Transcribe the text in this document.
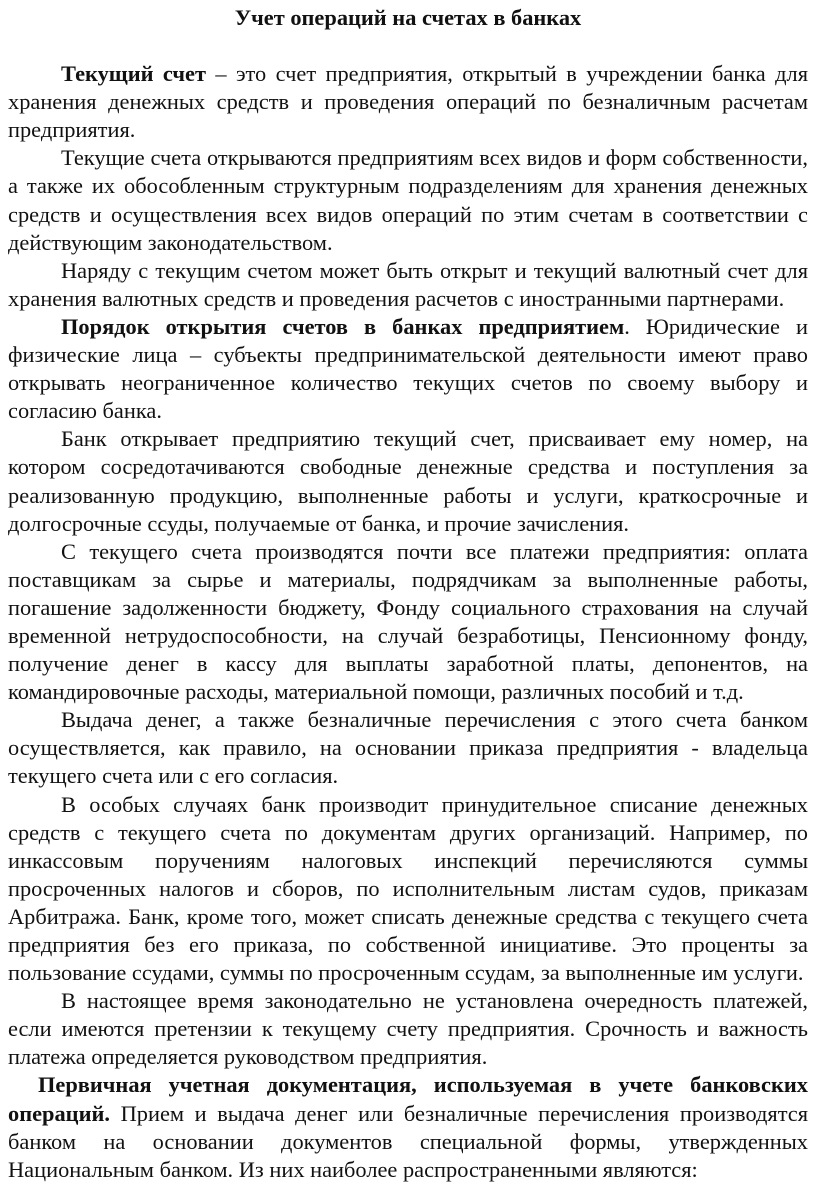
Учет операций на счетах в банках

Текущий счет – это счет предприятия, открытый в учреждении банка для хранения денежных средств и проведения операций по безналичным расчетам предприятия.

Текущие счета открываются предприятиям всех видов и форм собственности, а также их обособленным структурным подразделениям для хранения денежных средств и осуществления всех видов операций по этим счетам в соответствии с действующим законодательством.

Наряду с текущим счетом может быть открыт и текущий валютный счет для хранения валютных средств и проведения расчетов с иностранными партнерами.

Порядок открытия счетов в банках предприятием. Юридические и физические лица – субъекты предпринимательской деятельности имеют право открывать неограниченное количество текущих счетов по своему выбору и согласию банка.

Банк открывает предприятию текущий счет, присваивает ему номер, на котором сосредотачиваются свободные денежные средства и поступления за реализованную продукцию, выполненные работы и услуги, краткосрочные и долгосрочные ссуды, получаемые от банка, и прочие зачисления.

С текущего счета производятся почти все платежи предприятия: оплата поставщикам за сырье и материалы, подрядчикам за выполненные работы, погашение задолженности бюджету, Фонду социального страхования на случай временной нетрудоспособности, на случай безработицы, Пенсионному фонду, получение денег в кассу для выплаты заработной платы, депонентов, на командировочные расходы, материальной помощи, различных пособий и т.д.

Выдача денег, а также безналичные перечисления с этого счета банком осуществляется, как правило, на основании приказа предприятия - владельца текущего счета или с его согласия.

В особых случаях банк производит принудительное списание денежных средств с текущего счета по документам других организаций. Например, по инкассовым поручениям налоговых инспекций перечисляются суммы просроченных налогов и сборов, по исполнительным листам судов, приказам Арбитража. Банк, кроме того, может списать денежные средства с текущего счета предприятия без его приказа, по собственной инициативе. Это проценты за пользование ссудами, суммы по просроченным ссудам, за выполненные им услуги.

В настоящее время законодательно не установлена очередность платежей, если имеются претензии к текущему счету предприятия. Срочность и важность платежа определяется руководством предприятия.

Первичная учетная документация, используемая в учете банковских операций. Прием и выдача денег или безналичные перечисления производятся банком на основании документов специальной формы, утвержденных Национальным банком. Из них наиболее распространенными являются:
